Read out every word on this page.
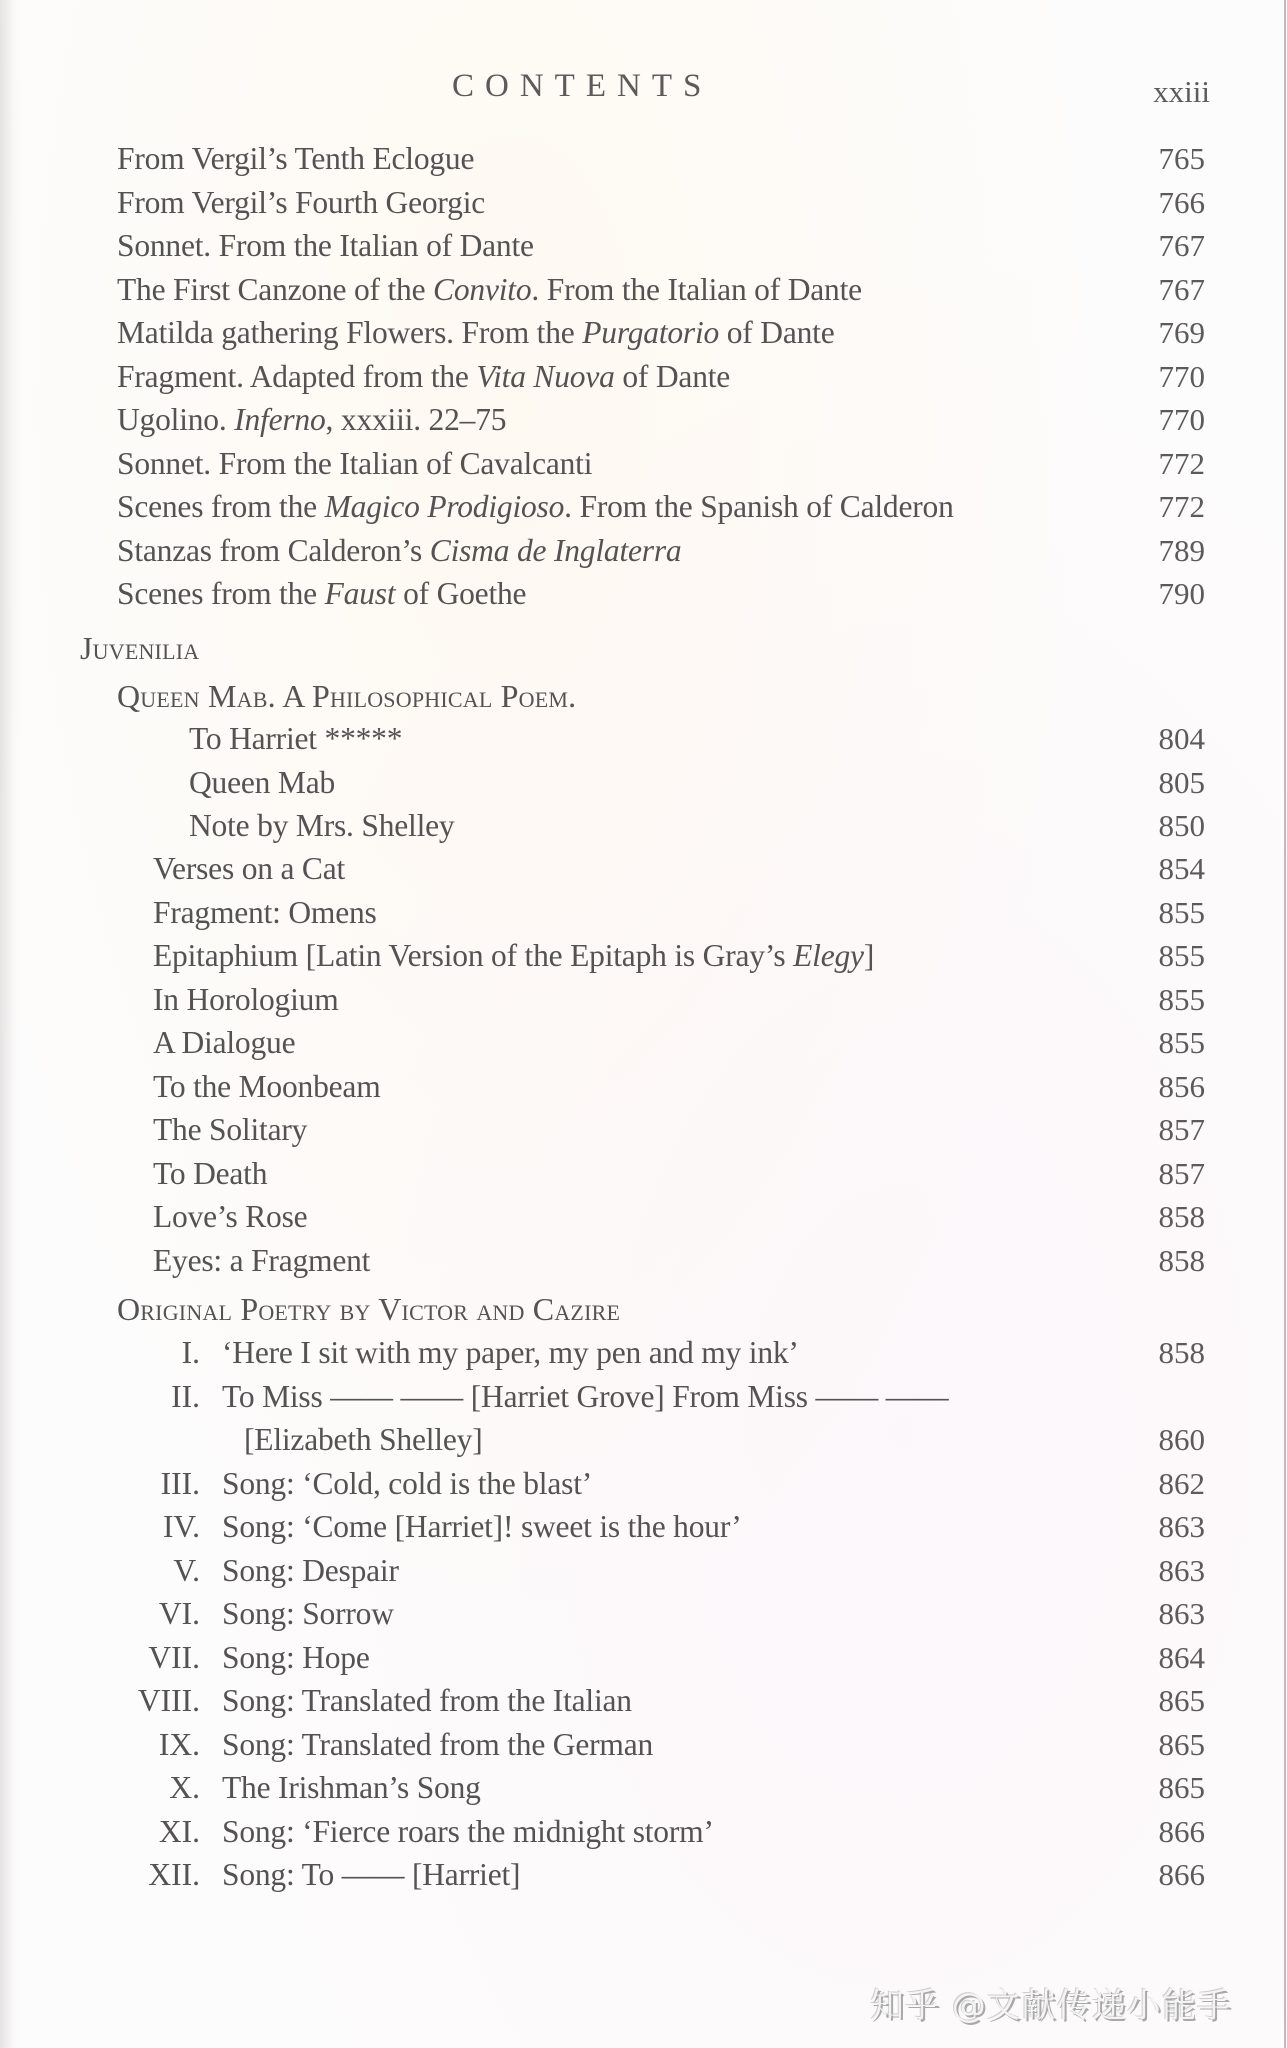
CONTENTS	xxiii
From Vergil’s Tenth Eclogue	765
From Vergil’s Fourth Georgic	766
Sonnet. From the Italian of Dante	767
The First Canzone of the Convito. From the Italian of Dante	767
Matilda gathering Flowers. From the Purgatorio of Dante	769
Fragment. Adapted from the Vita Nuova of Dante	770
Ugolino. Inferno, xxxiii. 22–75	770
Sonnet. From the Italian of Cavalcanti	772
Scenes from the Magico Prodigioso. From the Spanish of Calderon	772
Stanzas from Calderon’s Cisma de Inglaterra	789
Scenes from the Faust of Goethe	790
Juvenilia
Queen Mab. A Philosophical Poem.
To Harriet *****	804
Queen Mab	805
Note by Mrs. Shelley	850
Verses on a Cat	854
Fragment: Omens	855
Epitaphium [Latin Version of the Epitaph is Gray’s Elegy]	855
In Horologium	855
A Dialogue	855
To the Moonbeam	856
The Solitary	857
To Death	857
Love’s Rose	858
Eyes: a Fragment	858
Original Poetry by Victor and Cazire
I. ‘Here I sit with my paper, my pen and my ink’	858
II. To Miss —— —— [Harriet Grove] From Miss —— ——
[Elizabeth Shelley]	860
III. Song: ‘Cold, cold is the blast’	862
IV. Song: ‘Come [Harriet]! sweet is the hour’	863
V. Song: Despair	863
VI. Song: Sorrow	863
VII. Song: Hope	864
VIII. Song: Translated from the Italian	865
IX. Song: Translated from the German	865
X. The Irishman’s Song	865
XI. Song: ‘Fierce roars the midnight storm’	866
XII. Song: To —— [Harriet]	866
知乎 @文献传递小能手
